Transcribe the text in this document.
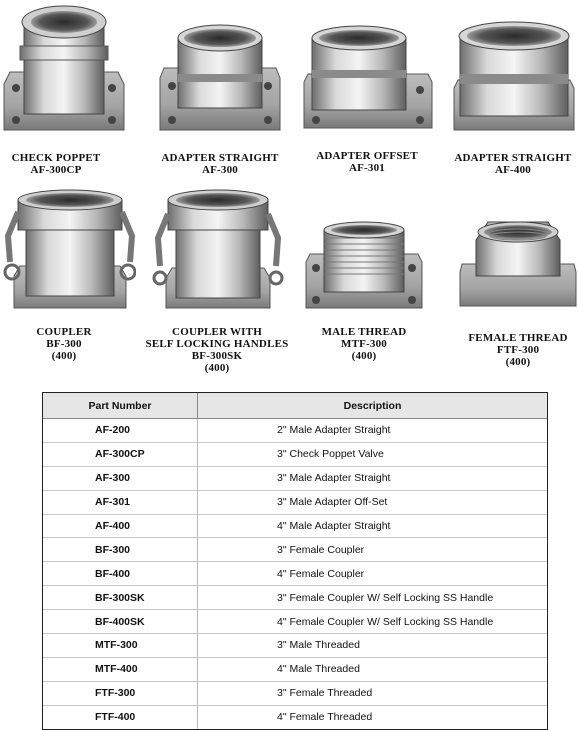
CHECK POPPET
AF-300CP
ADAPTER STRAIGHT
AF-300
ADAPTER OFFSET
AF-301
ADAPTER STRAIGHT
AF-400
COUPLER
BF-300
(400)
COUPLER WITH
SELF LOCKING HANDLES
BF-300SK
(400)
MALE THREAD
MTF-300
(400)
FEMALE THREAD
FTF-300
(400)
Part Number	Description
AF-200	2" Male Adapter Straight
AF-300CP	3" Check Poppet Valve
AF-300	3" Male Adapter Straight
AF-301	3" Male Adapter Off-Set
AF-400	4" Male Adapter Straight
BF-300	3" Female Coupler
BF-400	4" Female Coupler
BF-300SK	3" Female Coupler W/ Self Locking SS Handle
BF-400SK	4" Female Coupler W/ Self Locking SS Handle
MTF-300	3" Male Threaded
MTF-400	4" Male Threaded
FTF-300	3" Female Threaded
FTF-400	4" Female Threaded
